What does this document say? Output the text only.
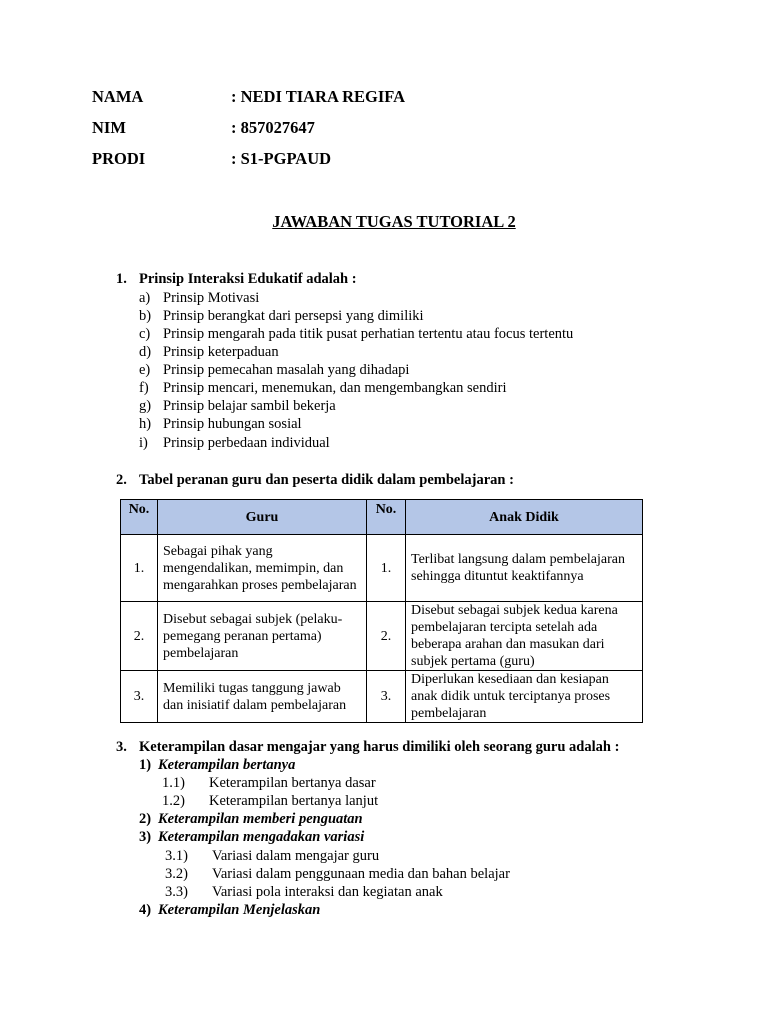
NAMA	: NEDI TIARA REGIFA
NIM	: 857027647
PRODI	: S1-PGPAUD
JAWABAN TUGAS TUTORIAL 2
1. Prinsip Interaksi Edukatif adalah :
a) Prinsip Motivasi
b) Prinsip berangkat dari persepsi yang dimiliki
c) Prinsip mengarah pada titik pusat perhatian tertentu atau focus tertentu
d) Prinsip keterpaduan
e) Prinsip pemecahan masalah yang dihadapi
f) Prinsip mencari, menemukan, dan mengembangkan sendiri
g) Prinsip belajar sambil bekerja
h) Prinsip hubungan sosial
i) Prinsip perbedaan individual
2. Tabel peranan guru dan peserta didik dalam pembelajaran :
No.	Guru	No.	Anak Didik
1.	Sebagai pihak yang mengendalikan, memimpin, dan mengarahkan proses pembelajaran	1.	Terlibat langsung dalam pembelajaran sehingga dituntut keaktifannya
2.	Disebut sebagai subjek (pelaku-pemegang peranan pertama) pembelajaran	2.	Disebut sebagai subjek kedua karena pembelajaran tercipta setelah ada beberapa arahan dan masukan dari subjek pertama (guru)
3.	Memiliki tugas tanggung jawab dan inisiatif dalam pembelajaran	3.	Diperlukan kesediaan dan kesiapan anak didik untuk terciptanya proses pembelajaran
3. Keterampilan dasar mengajar yang harus dimiliki oleh seorang guru adalah :
1) Keterampilan bertanya
1.1) Keterampilan bertanya dasar
1.2) Keterampilan bertanya lanjut
2) Keterampilan memberi penguatan
3) Keterampilan mengadakan variasi
3.1) Variasi dalam mengajar guru
3.2) Variasi dalam penggunaan media dan bahan belajar
3.3) Variasi pola interaksi dan kegiatan anak
4) Keterampilan Menjelaskan
